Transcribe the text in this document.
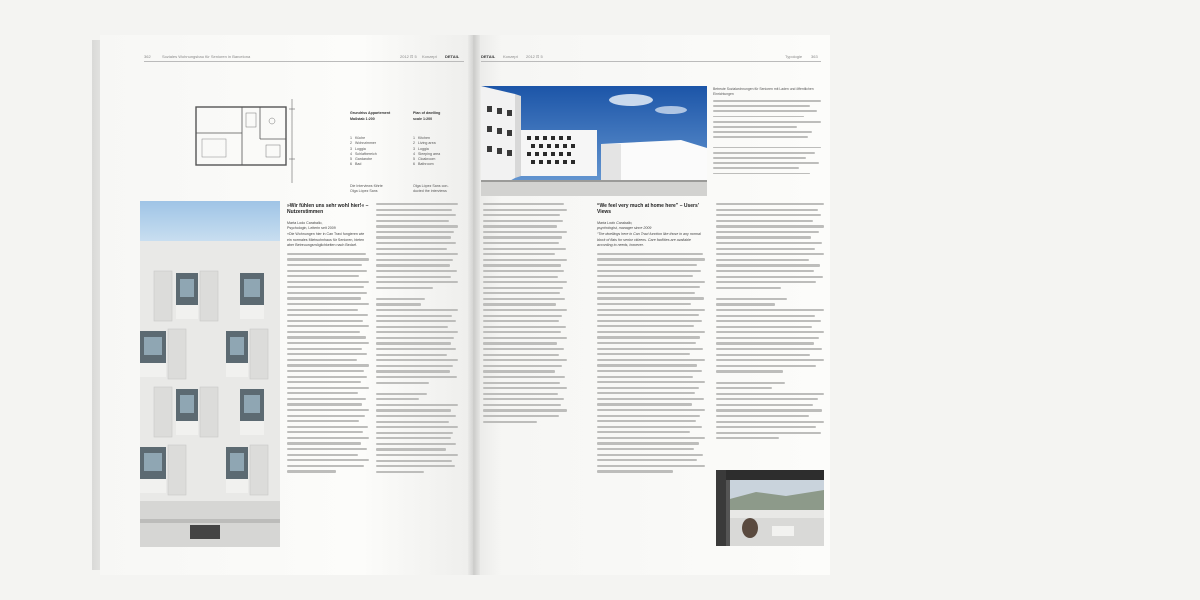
362	Soziales Wohnungsbau für Senioren in Barcelona	2012 ⊡ 5 Konzept DETAIL

Grundriss Appartement
Maßstab 1:200

1   Küche
2   Wohnzimmer
3   Loggia
4   Schlafbereich
5   Gardarobe
6   Bad

Die Interviews führte
Olga López Sans

Plan of dwelling
scale 1:200

1   Kitchen
2   Living area
3   Loggia
4   Sleeping area
5   Cloakroom
6   Bathroom

Olga López Sans con-
ducted the interviews

»Wir fühlen uns sehr wohl hier!« – Nutzerstimmen
Marta Lodo Caraballo,
Psychologin, Leiterin seit 2009
»Die Wohnungen hier in Can Travi fungieren wie ein normales Mietwohnhaus für Senioren, bieten aber Betreuungsmöglichkeiten nach Bedarf.
DETAIL Konzept 2012 ⊡ 5	Typologie 363
Betreute Sozialwohnungen für Senioren mit Laden und öffentlichen Einrichtungen
“We feel very much at home here” – Users’ Views
Marta Lodo Caraballo,
psychologist, manager since 2009
“The dwellings here in Can Travi function like those in any normal block of flats for senior citizens. Care facilities are available according to needs, however.
